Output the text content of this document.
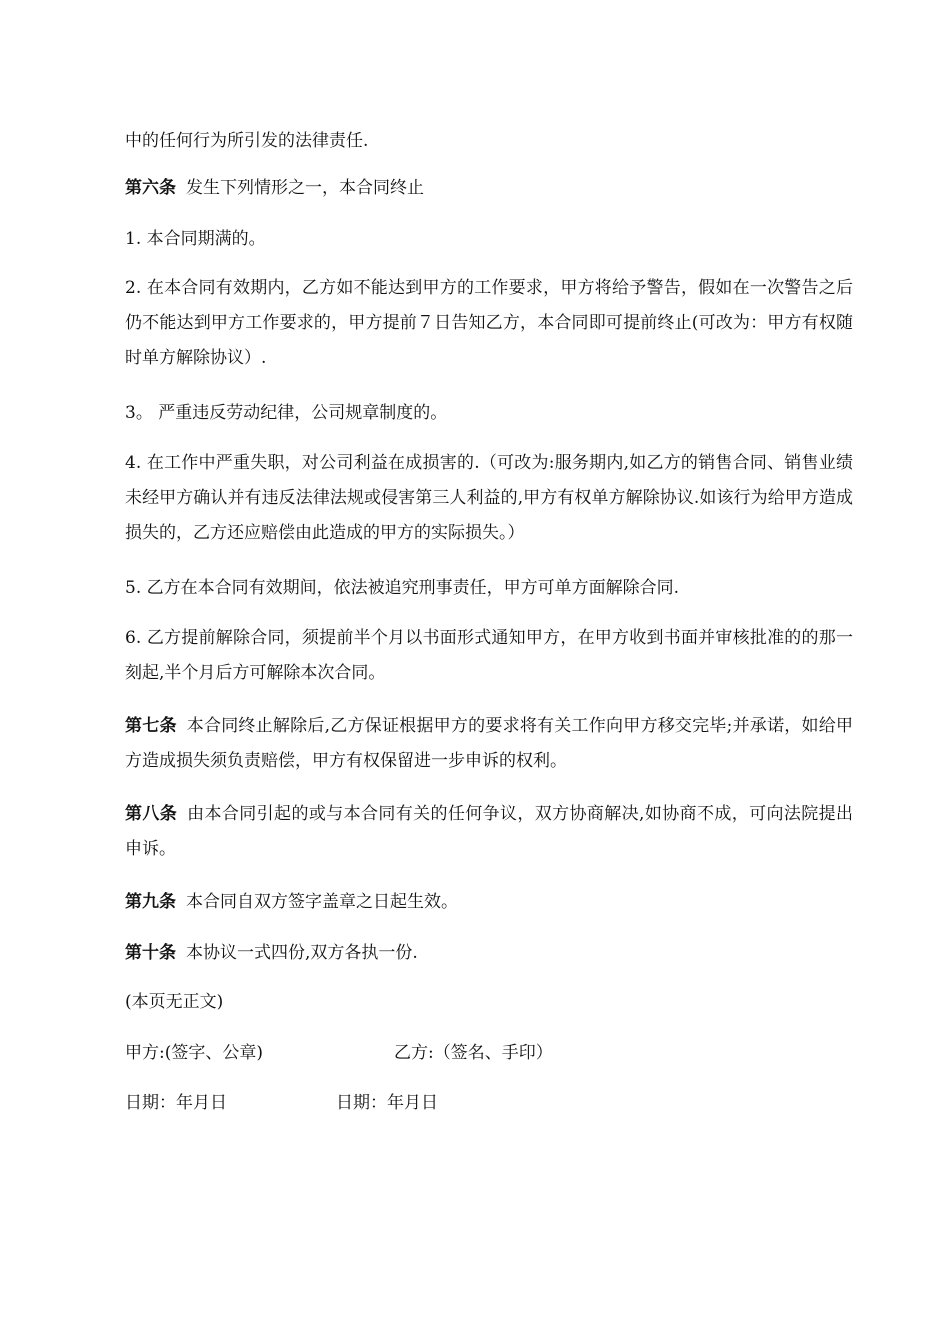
中的任何行为所引发的法律责任.

第六条 发生下列情形之一，本合同终止

1. 本合同期满的。

2. 在本合同有效期内，乙方如不能达到甲方的工作要求，甲方将给予警告，假如在一次警告之后仍不能达到甲方工作要求的，甲方提前７日告知乙方，本合同即可提前终止(可改为：甲方有权随时单方解除协议）.

3。 严重违反劳动纪律，公司规章制度的。

4. 在工作中严重失职，对公司利益在成损害的.（可改为:服务期内,如乙方的销售合同、销售业绩未经甲方确认并有违反法律法规或侵害第三人利益的,甲方有权单方解除协议.如该行为给甲方造成损失的，乙方还应赔偿由此造成的甲方的实际损失。）

5. 乙方在本合同有效期间，依法被追究刑事责任，甲方可单方面解除合同.

6. 乙方提前解除合同，须提前半个月以书面形式通知甲方，在甲方收到书面并审核批准的的那一刻起,半个月后方可解除本次合同。

第七条 本合同终止解除后,乙方保证根据甲方的要求将有关工作向甲方移交完毕;并承诺，如给甲方造成损失须负责赔偿，甲方有权保留进一步申诉的权利。

第八条 由本合同引起的或与本合同有关的任何争议，双方协商解决,如协商不成，可向法院提出申诉。

第九条 本合同自双方签字盖章之日起生效。

第十条 本协议一式四份,双方各执一份.

(本页无正文)

甲方:(签字、公章)	乙方:（签名、手印）
日期：年月日	日期：年月日
